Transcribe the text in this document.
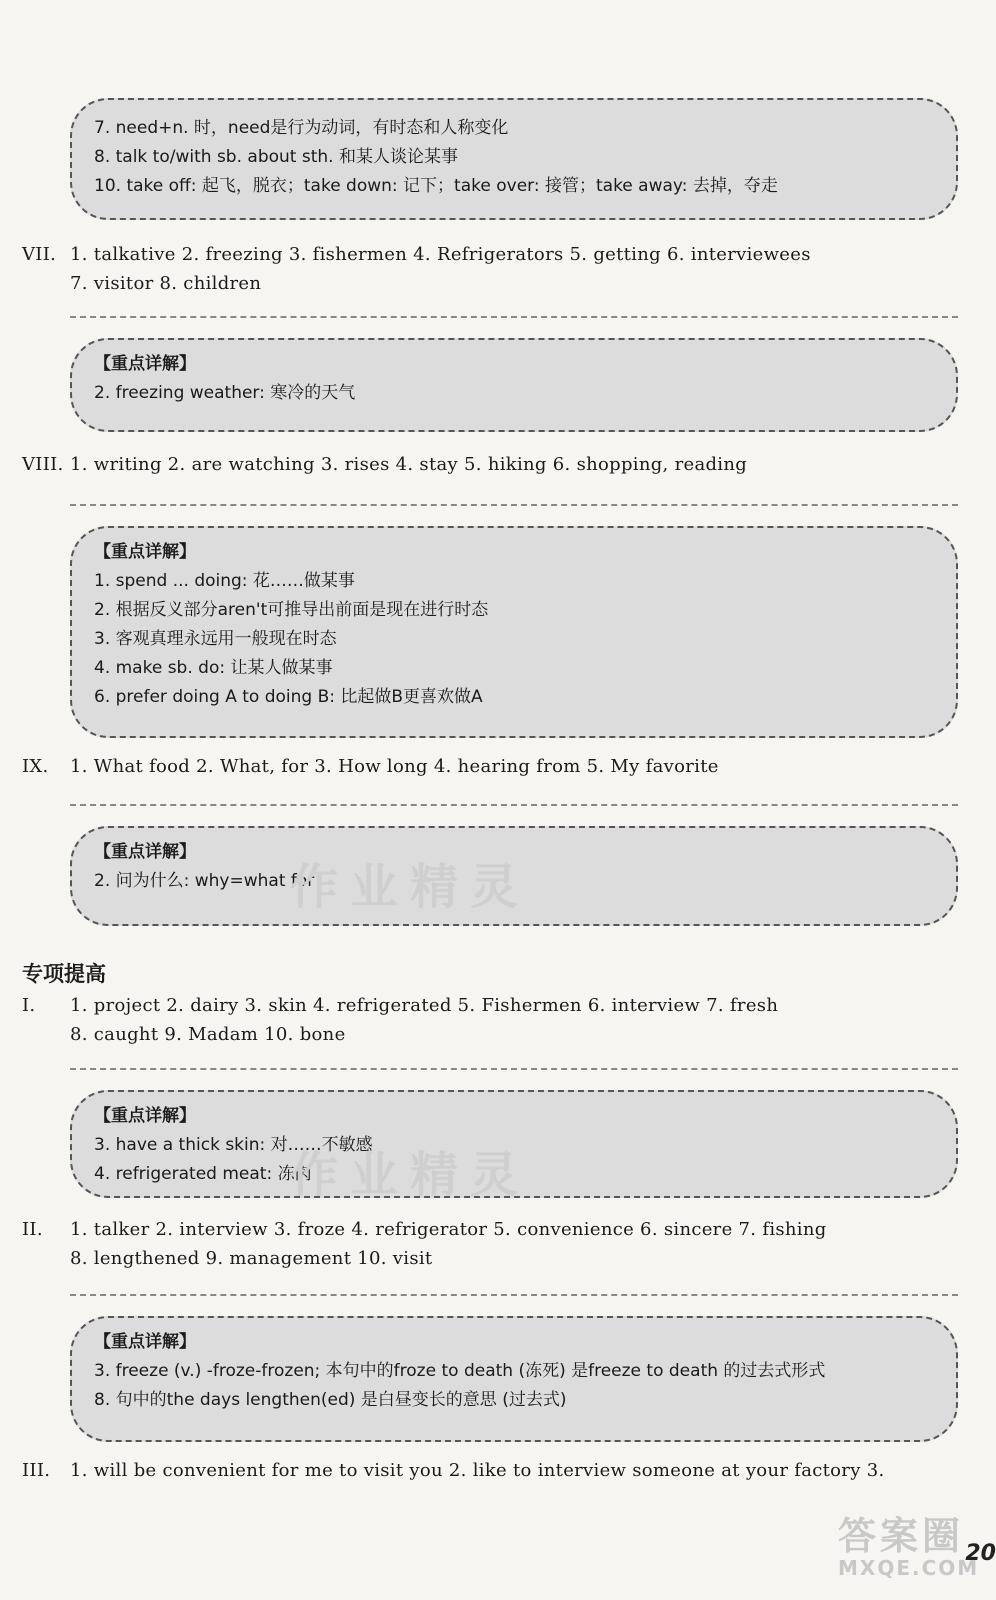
7. need+n. 时，need是行为动词，有时态和人称变化
8. talk to/with sb. about sth. 和某人谈论某事
10. take off: 起飞，脱衣；take down: 记下；take over: 接管；take away: 去掉，夺走
VII. 1. talkative 2. freezing 3. fishermen 4. Refrigerators 5. getting 6. interviewees
7. visitor 8. children
【重点详解】
2. freezing weather: 寒冷的天气
VIII. 1. writing 2. are watching 3. rises 4. stay 5. hiking 6. shopping, reading
【重点详解】
1. spend ... doing: 花……做某事
2. 根据反义部分aren't可推导出前面是现在进行时态
3. 客观真理永远用一般现在时态
4. make sb. do: 让某人做某事
6. prefer doing A to doing B: 比起做B更喜欢做A
IX. 1. What food 2. What, for 3. How long 4. hearing from 5. My favorite
【重点详解】
2. 问为什么: why=what for
专项提高
I. 1. project 2. dairy 3. skin 4. refrigerated 5. Fishermen 6. interview 7. fresh
8. caught 9. Madam 10. bone
【重点详解】
3. have a thick skin: 对……不敏感
4. refrigerated meat: 冻肉
II. 1. talker 2. interview 3. froze 4. refrigerator 5. convenience 6. sincere 7. fishing
8. lengthened 9. management 10. visit
【重点详解】
3. freeze (v.) -froze-frozen; 本句中的froze to death (冻死) 是freeze to death 的过去式形式
8. 句中的the days lengthen(ed) 是白昼变长的意思 (过去式)
III. 1. will be convenient for me to visit you 2. like to interview someone at your factory 3.
作业精灵
作业精灵
答案圈
MXQE.COM
20
